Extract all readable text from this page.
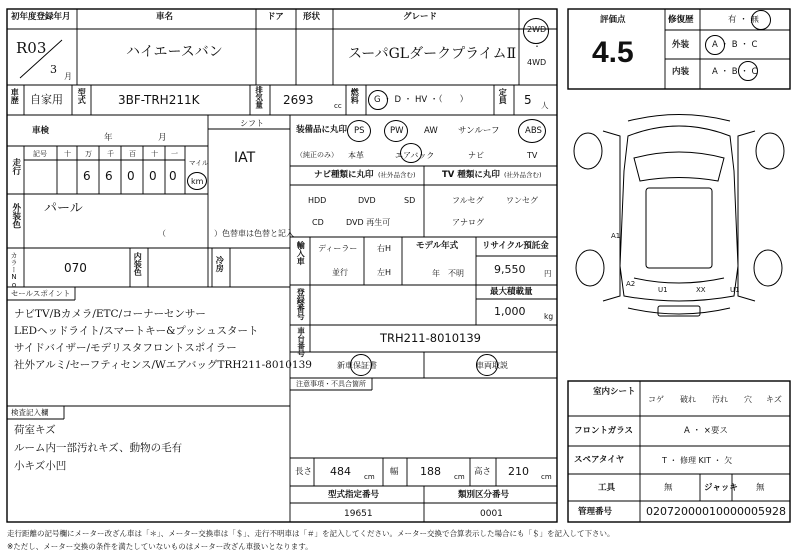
初年度登録年月
R03
3
月
車名
ハイエースバン
ドア 形状	グレード
スーパGLダークプライムⅡ
2WD
・
4WD
車歴 自家用 型式	3BF-TRH211K	排気量 2693	cc
燃料 G ・ D ・ HV ・（　　）	定員 5 人
車検
年	月
シフト
IAT
走行
記号 十 万 千 百 十 一
6 6 0 0 0
マイル
km
外装色 パール
（　　　　　　）色替車は色替と記入
カラーNo.	070	内装色	冷房
セールスポイント
ナビTV/Bカメラ/ETC/コーナーセンサー
LEDヘッドライト/スマートキー&プッシュスタート
サイドバイザー/モデリスタフロントスポイラー
社外アルミ/セーフティセンス/WエアバッグTRH211-8010139
検査記入欄
荷室キズ
ルーム内一部汚れキズ、動物の毛有
小キズ小凹
装備品に丸印
（純正のみ）
PS	PW AW サンルーフ	ABS
本革	エアバック	ナビ	TV
ナビ種類に丸印 (社外品含む)	TV 種類に丸印 (社外品含む)
HDD	DVD	SD
CD	DVD 再生可
フルセグ	ワンセグ
アナログ
輸入車 ディーラー
並行
右H
左H
モデル年式
年　不明
リサイクル預託金
9,550 円
登録番号	最大積載量
1,000 kg
車台番号	TRH211-8010139
新車保証書	車両取説
注意事項・不具合箇所
長さ 484 cm 幅 188 cm 高さ 210 cm
型式指定番号
19651
類別区分番号
0001
評価点
4.5
修復歴	有 ・ 無
外装	A ・ B ・ C
内装	A ・ B ・ C
A1
A2
U1	XX	U1
室内シート
コゲ 破れ 汚れ 穴 キズ
フロントガラス	A ・ ×要ス
スペアタイヤ	T ・ 修理 KIT ・ 欠
工具	無	ジャッキ 無
管理番号	02072000010000005928
走行距離の記号欄にメーター改ざん車は「＊」、メーター交換車は「＄」、走行不明車は「＃」を記入してください。メーター交換で合算表示した場合にも「＄」を記入して下さい。
※ただし、メーター交換の条件を満たしていないものはメーター改ざん車扱いとなります。
